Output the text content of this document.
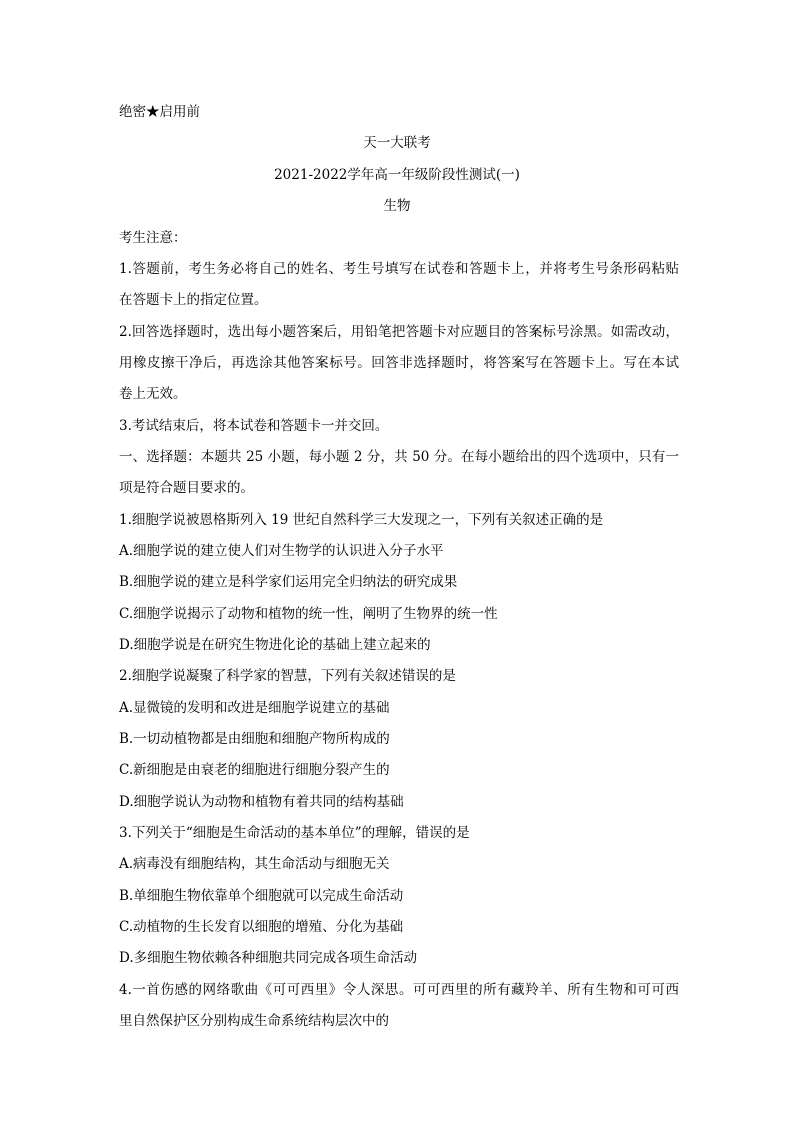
绝密★启用前
天一大联考
2021-2022学年高一年级阶段性测试(一)
生物
考生注意：
1.答题前，考生务必将自己的姓名、考生号填写在试卷和答题卡上，并将考生号条形码粘贴
在答题卡上的指定位置。
2.回答选择题时，选出每小题答案后，用铅笔把答题卡对应题目的答案标号涂黑。如需改动，
用橡皮擦干净后，再选涂其他答案标号。回答非选择题时，将答案写在答题卡上。写在本试
卷上无效。
3.考试结束后，将本试卷和答题卡一并交回。
一、选择题：本题共 25 小题，每小题 2 分，共 50 分。在每小题给出的四个选项中，只有一
项是符合题目要求的。
1.细胞学说被恩格斯列入 19 世纪自然科学三大发现之一，下列有关叙述正确的是
A.细胞学说的建立使人们对生物学的认识进入分子水平
B.细胞学说的建立是科学家们运用完全归纳法的研究成果
C.细胞学说揭示了动物和植物的统一性，阐明了生物界的统一性
D.细胞学说是在研究生物进化论的基础上建立起来的
2.细胞学说凝聚了科学家的智慧，下列有关叙述错误的是
A.显微镜的发明和改进是细胞学说建立的基础
B.一切动植物都是由细胞和细胞产物所构成的
C.新细胞是由衰老的细胞进行细胞分裂产生的
D.细胞学说认为动物和植物有着共同的结构基础
3.下列关于“细胞是生命活动的基本单位”的理解，错误的是
A.病毒没有细胞结构，其生命活动与细胞无关
B.单细胞生物依靠单个细胞就可以完成生命活动
C.动植物的生长发育以细胞的增殖、分化为基础
D.多细胞生物依赖各种细胞共同完成各项生命活动
4.一首伤感的网络歌曲《可可西里》令人深思。可可西里的所有藏羚羊、所有生物和可可西
里自然保护区分别构成生命系统结构层次中的
